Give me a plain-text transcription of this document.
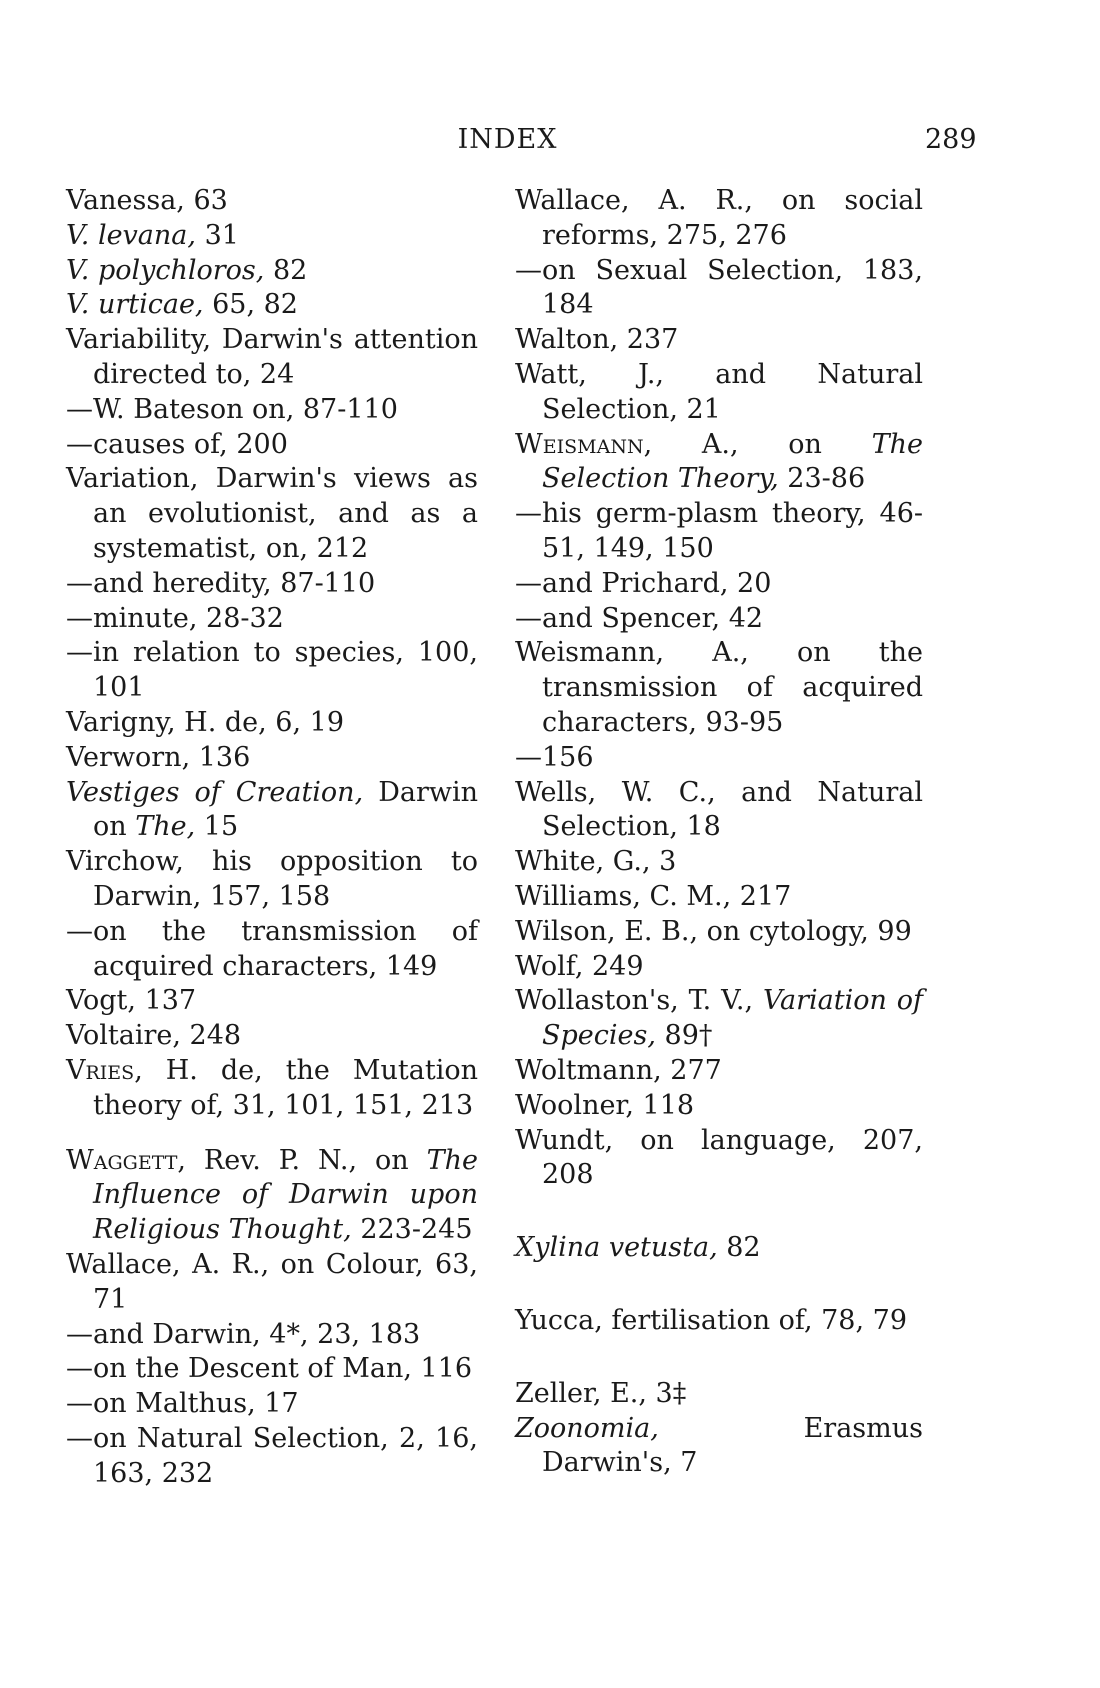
INDEX	289
Vanessa, 63
V. levana, 31
V. polychloros, 82
V. urticae, 65, 82
Variability, Darwin's attention directed to, 24
—W. Bateson on, 87-110
—causes of, 200
Variation, Darwin's views as an evolutionist, and as a systematist, on, 212
—and heredity, 87-110
—minute, 28-32
—in relation to species, 100, 101
Varigny, H. de, 6, 19
Verworn, 136
Vestiges of Creation, Darwin on The, 15
Virchow, his opposition to Darwin, 157, 158
—on the transmission of acquired characters, 149
Vogt, 137
Voltaire, 248
Vries, H. de, the Mutation theory of, 31, 101, 151, 213
Waggett, Rev. P. N., on The Influence of Darwin upon Religious Thought, 223-245
Wallace, A. R., on Colour, 63, 71
—and Darwin, 4*, 23, 183
—on the Descent of Man, 116
—on Malthus, 17
—on Natural Selection, 2, 16, 163, 232
Wallace, A. R., on social reforms, 275, 276
—on Sexual Selection, 183, 184
Walton, 237
Watt, J., and Natural Selection, 21
Weismann, A., on The Selection Theory, 23-86
—his germ-plasm theory, 46-51, 149, 150
—and Prichard, 20
—and Spencer, 42
Weismann, A., on the transmission of acquired characters, 93-95
—156
Wells, W. C., and Natural Selection, 18
White, G., 3
Williams, C. M., 217
Wilson, E. B., on cytology, 99
Wolf, 249
Wollaston's, T. V., Variation of Species, 89†
Woltmann, 277
Woolner, 118
Wundt, on language, 207, 208
Xylina vetusta, 82
Yucca, fertilisation of, 78, 79
Zeller, E., 3‡
Zoonomia, Erasmus Darwin's, 7
